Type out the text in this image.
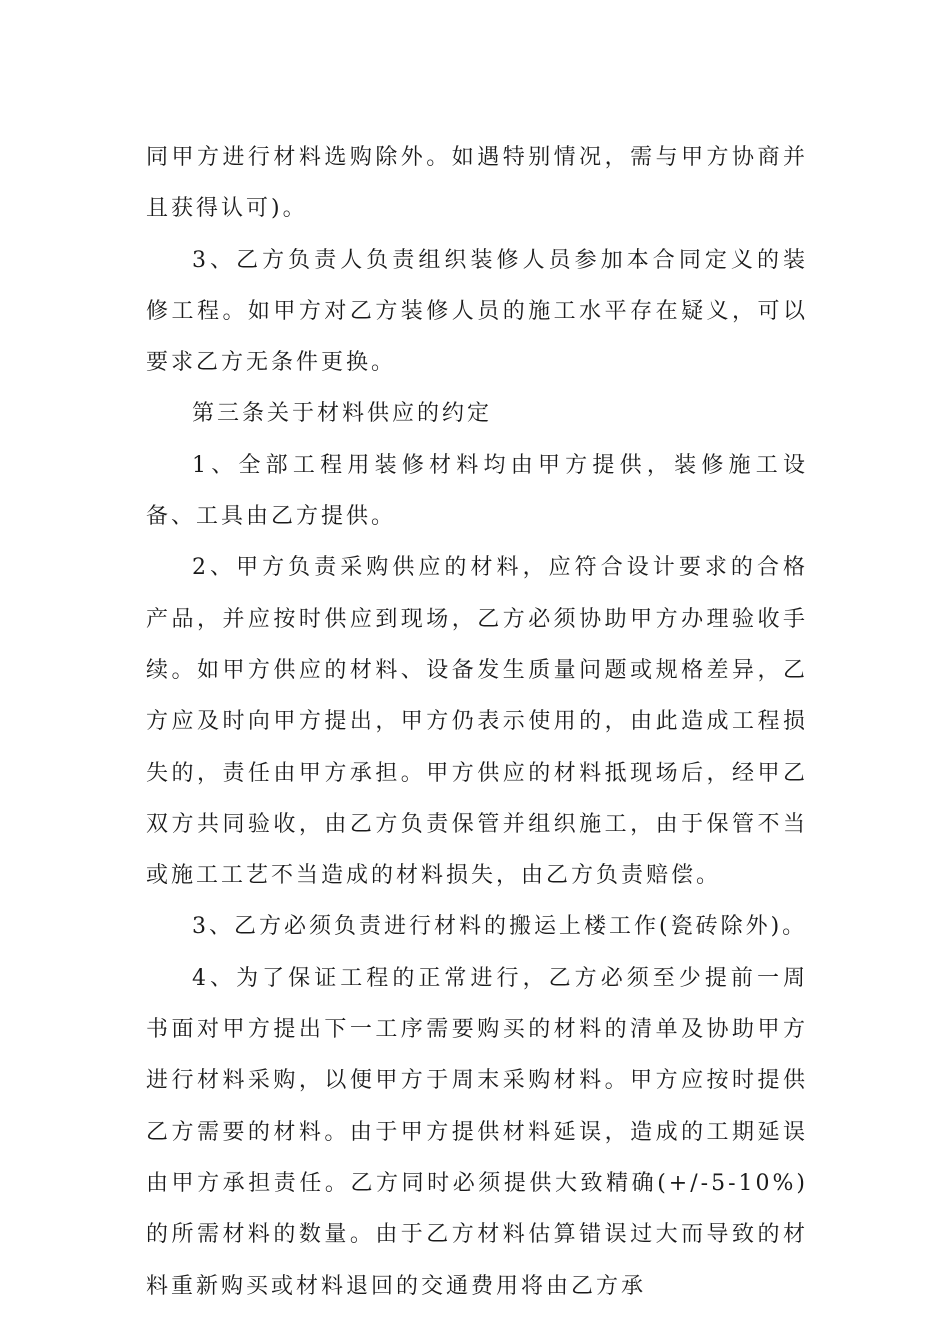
同甲方进行材料选购除外。如遇特别情况，需与甲方协商并且获得认可)。

3、乙方负责人负责组织装修人员参加本合同定义的装修工程。如甲方对乙方装修人员的施工水平存在疑义，可以要求乙方无条件更换。

第三条关于材料供应的约定

1、全部工程用装修材料均由甲方提供，装修施工设备、工具由乙方提供。

2、甲方负责采购供应的材料，应符合设计要求的合格产品，并应按时供应到现场，乙方必须协助甲方办理验收手续。如甲方供应的材料、设备发生质量问题或规格差异，乙方应及时向甲方提出，甲方仍表示使用的，由此造成工程损失的，责任由甲方承担。甲方供应的材料抵现场后，经甲乙双方共同验收，由乙方负责保管并组织施工，由于保管不当或施工工艺不当造成的材料损失，由乙方负责赔偿。

3、乙方必须负责进行材料的搬运上楼工作(瓷砖除外)。

4、为了保证工程的正常进行，乙方必须至少提前一周书面对甲方提出下一工序需要购买的材料的清单及协助甲方进行材料采购，以便甲方于周末采购材料。甲方应按时提供乙方需要的材料。由于甲方提供材料延误，造成的工期延误由甲方承担责任。乙方同时必须提供大致精确(+/-5-10%)的所需材料的数量。由于乙方材料估算错误过大而导致的材料重新购买或材料退回的交通费用将由乙方承
